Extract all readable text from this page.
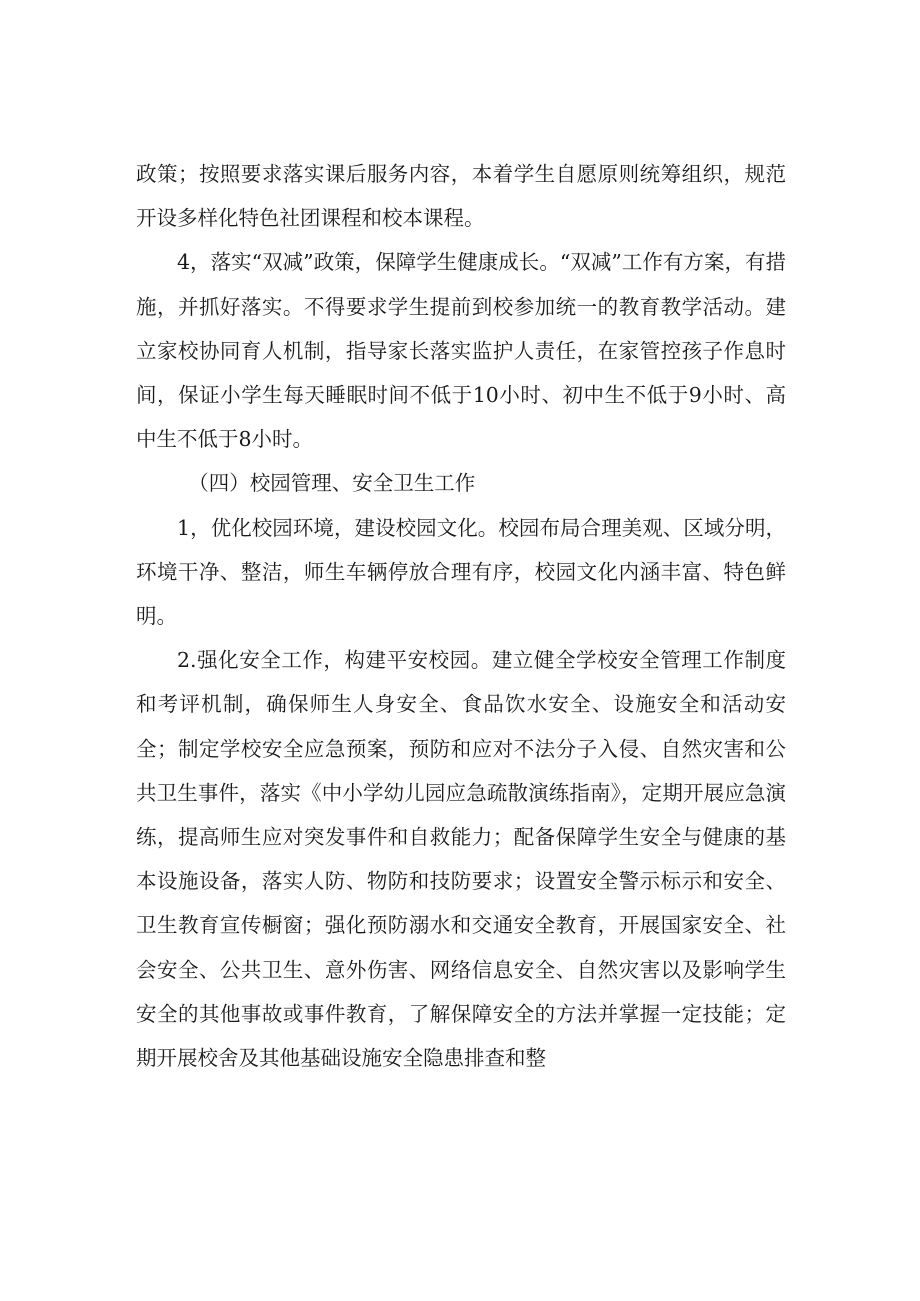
政策；按照要求落实课后服务内容，本着学生自愿原则统筹组织，规范开设多样化特色社团课程和校本课程。

4，落实“双减”政策，保障学生健康成长。“双减”工作有方案，有措施，并抓好落实。不得要求学生提前到校参加统一的教育教学活动。建立家校协同育人机制，指导家长落实监护人责任，在家管控孩子作息时间，保证小学生每天睡眠时间不低于10小时、初中生不低于9小时、高中生不低于8小时。

（四）校园管理、安全卫生工作

1，优化校园环境，建设校园文化。校园布局合理美观、区域分明，环境干净、整洁，师生车辆停放合理有序，校园文化内涵丰富、特色鲜明。

2.强化安全工作，构建平安校园。建立健全学校安全管理工作制度和考评机制，确保师生人身安全、食品饮水安全、设施安全和活动安全；制定学校安全应急预案，预防和应对不法分子入侵、自然灾害和公共卫生事件，落实《中小学幼儿园应急疏散演练指南》，定期开展应急演练，提高师生应对突发事件和自救能力；配备保障学生安全与健康的基本设施设备，落实人防、物防和技防要求；设置安全警示标示和安全、卫生教育宣传橱窗；强化预防溺水和交通安全教育，开展国家安全、社会安全、公共卫生、意外伤害、网络信息安全、自然灾害以及影响学生安全的其他事故或事件教育，了解保障安全的方法并掌握一定技能；定期开展校舍及其他基础设施安全隐患排查和整
